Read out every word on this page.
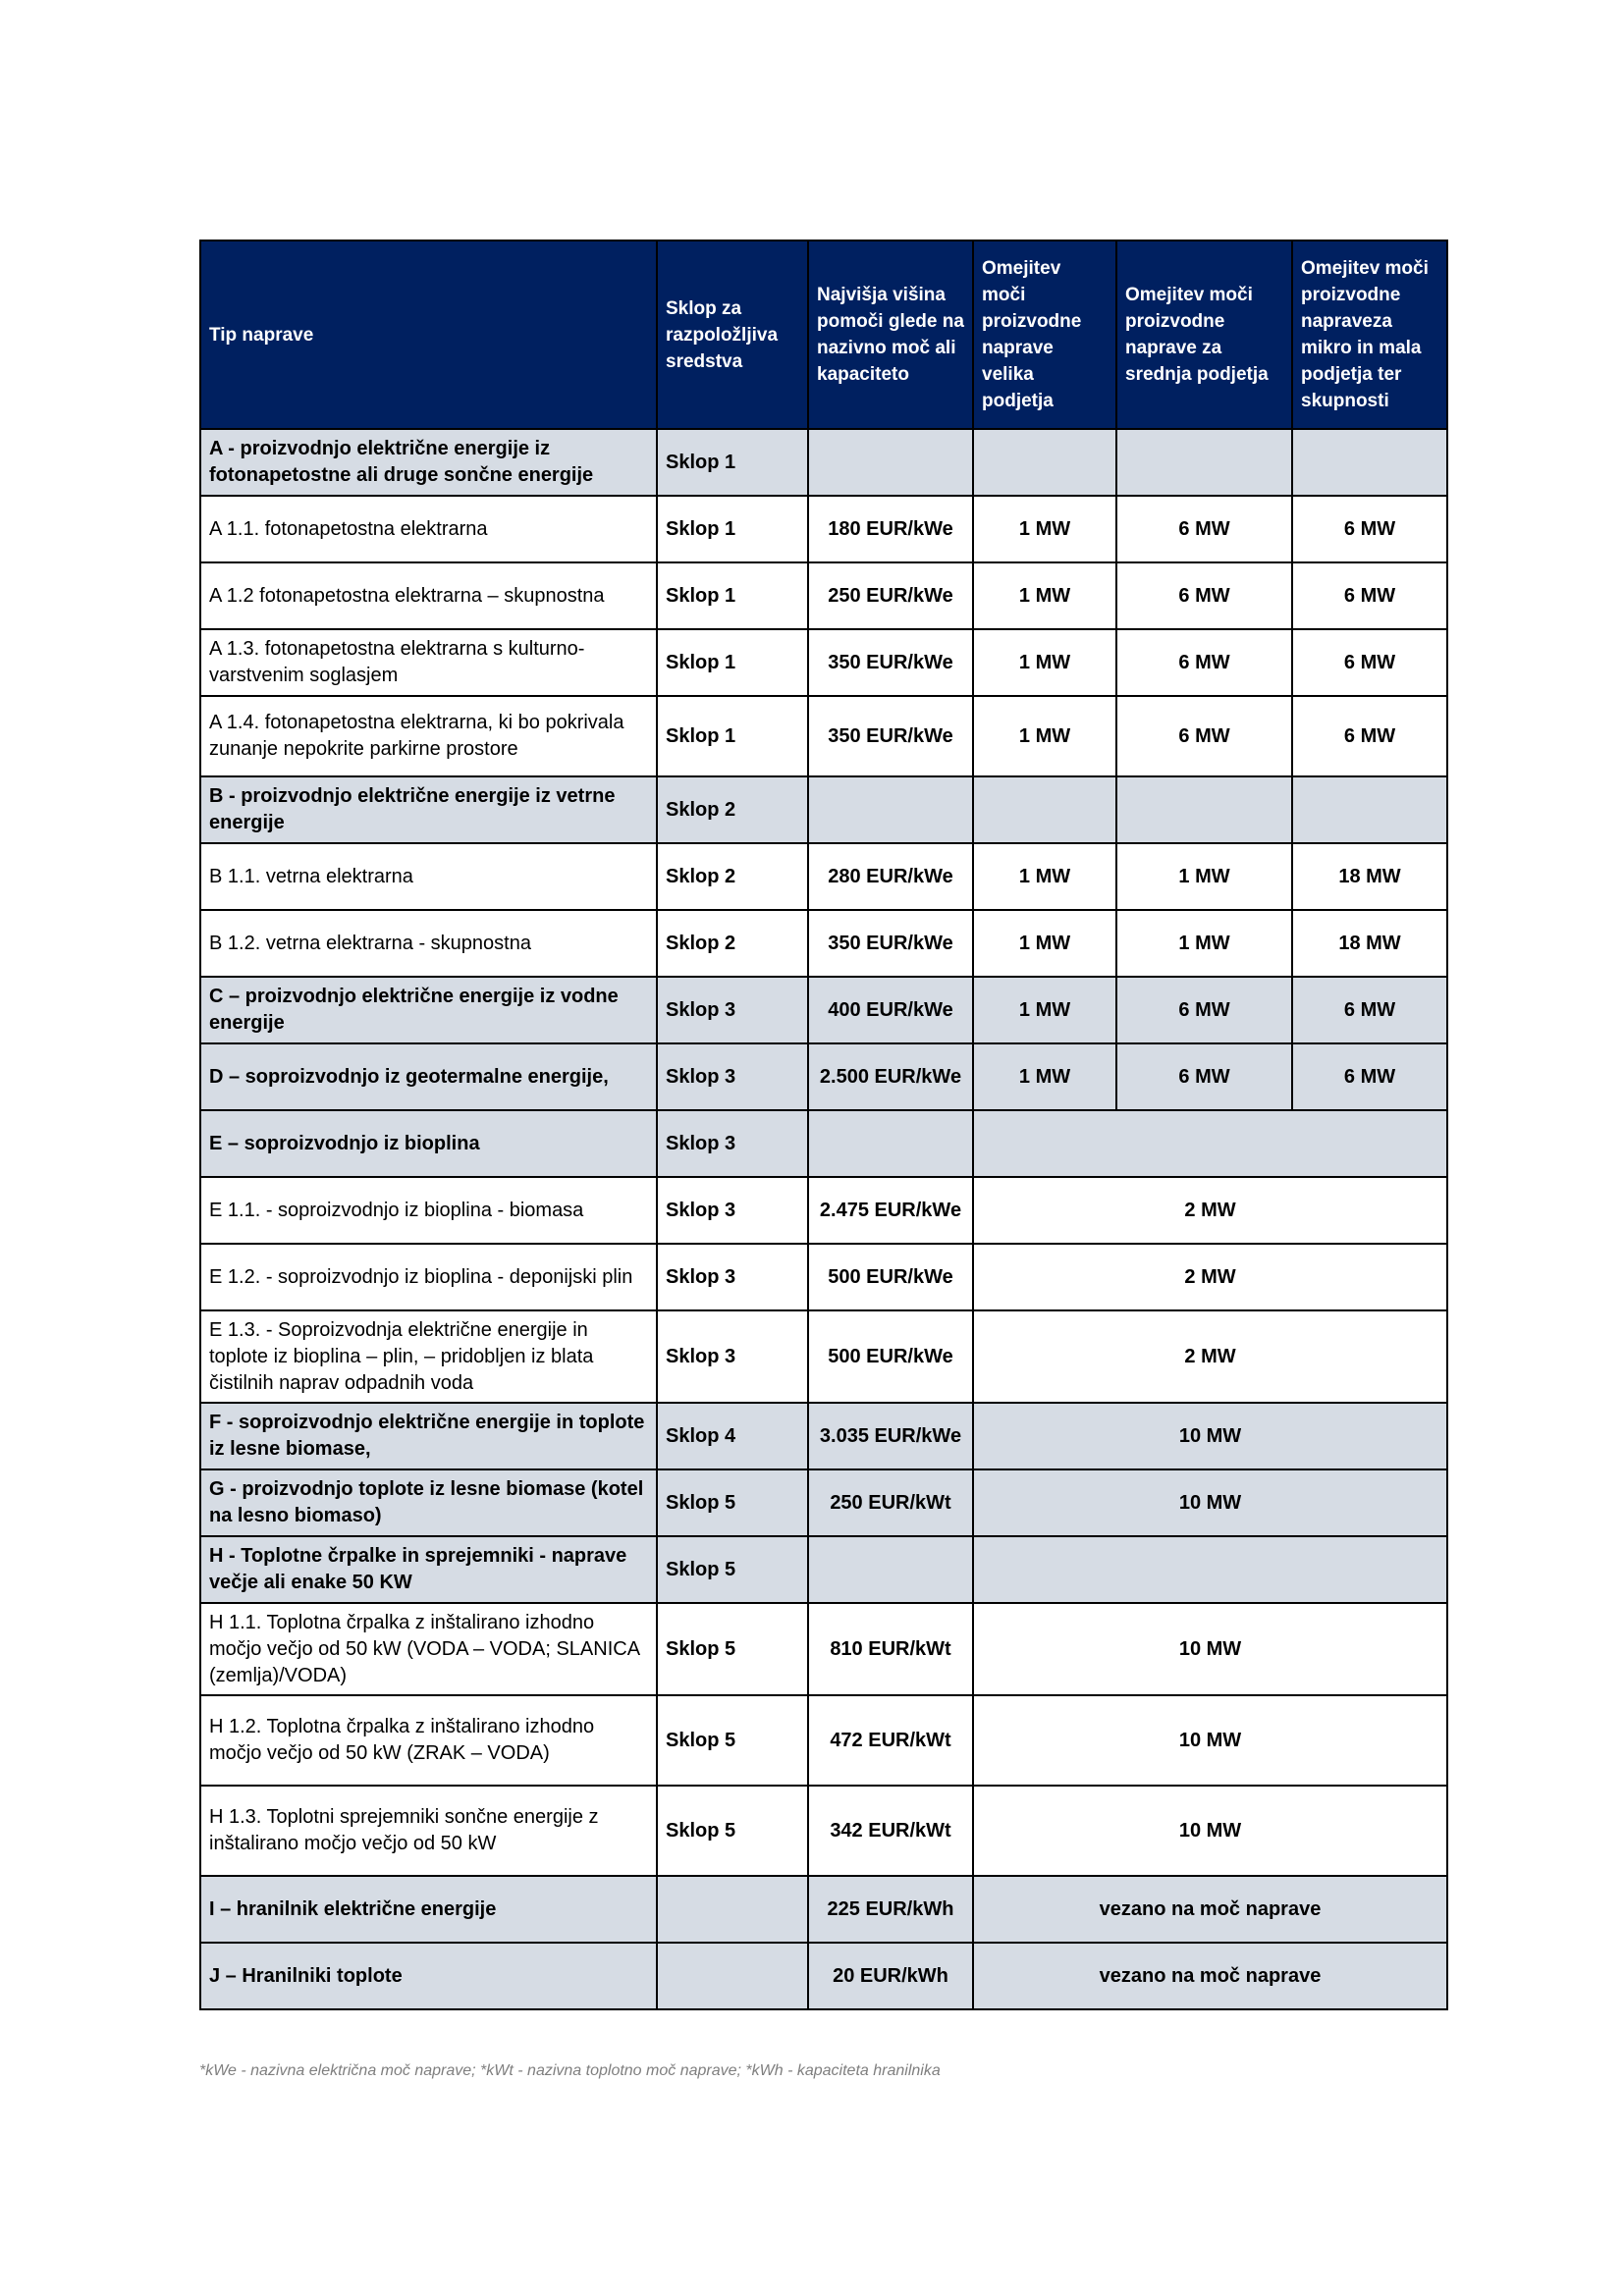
Tip naprave	Sklop za razpoložljiva sredstva	Najvišja višina pomoči glede na nazivno moč ali kapaciteto	Omejitev moči proizvodne naprave velika podjetja	Omejitev moči proizvodne naprave za srednja podjetja	Omejitev moči proizvodne napraveza mikro in mala podjetja ter skupnosti
A - proizvodnjo električne energije iz fotonapetostne ali druge sončne energije	Sklop 1				
A 1.1. fotonapetostna elektrarna	Sklop 1	180 EUR/kWe	1 MW	6 MW	6 MW
A 1.2 fotonapetostna elektrarna – skupnostna	Sklop 1	250 EUR/kWe	1 MW	6 MW	6 MW
A 1.3. fotonapetostna elektrarna s kulturno-varstvenim soglasjem	Sklop 1	350 EUR/kWe	1 MW	6 MW	6 MW
A 1.4. fotonapetostna elektrarna, ki bo pokrivala zunanje nepokrite parkirne prostore	Sklop 1	350 EUR/kWe	1 MW	6 MW	6 MW
B - proizvodnjo električne energije iz vetrne energije	Sklop 2				
B 1.1. vetrna elektrarna	Sklop 2	280 EUR/kWe	1 MW	1 MW	18 MW
B 1.2. vetrna elektrarna - skupnostna	Sklop 2	350 EUR/kWe	1 MW	1 MW	18 MW
C – proizvodnjo električne energije iz vodne energije	Sklop 3	400 EUR/kWe	1 MW	6 MW	6 MW
D – soproizvodnjo iz geotermalne energije,	Sklop 3	2.500 EUR/kWe	1 MW	6 MW	6 MW
E – soproizvodnjo iz bioplina	Sklop 3				
E 1.1. - soproizvodnjo iz bioplina - biomasa	Sklop 3	2.475 EUR/kWe	2 MW		
E 1.2. - soproizvodnjo iz bioplina - deponijski plin	Sklop 3	500 EUR/kWe	2 MW		
E 1.3. - Soproizvodnja električne energije in toplote iz bioplina – plin, – pridobljen iz blata čistilnih naprav odpadnih voda	Sklop 3	500 EUR/kWe	2 MW		
F - soproizvodnjo električne energije in toplote iz lesne biomase,	Sklop 4	3.035 EUR/kWe	10 MW		
G - proizvodnjo toplote iz lesne biomase (kotel na lesno biomaso)	Sklop 5	250 EUR/kWt	10 MW		
H - Toplotne črpalke in sprejemniki - naprave večje ali enake 50 KW	Sklop 5				
H 1.1. Toplotna črpalka z inštalirano izhodno močjo večjo od 50 kW (VODA – VODA; SLANICA (zemlja)/VODA)	Sklop 5	810 EUR/kWt	10 MW		
H 1.2. Toplotna črpalka z inštalirano izhodno močjo večjo od 50 kW (ZRAK – VODA)	Sklop 5	472 EUR/kWt	10 MW		
H 1.3. Toplotni sprejemniki sončne energije z inštalirano močjo večjo od 50 kW	Sklop 5	342 EUR/kWt	10 MW		
I – hranilnik električne energije		225 EUR/kWh	vezano na moč naprave		
J – Hranilniki toplote		20 EUR/kWh	vezano na moč naprave		
*kWe - nazivna električna moč naprave; *kWt - nazivna toplotno moč naprave; *kWh - kapaciteta hranilnika
